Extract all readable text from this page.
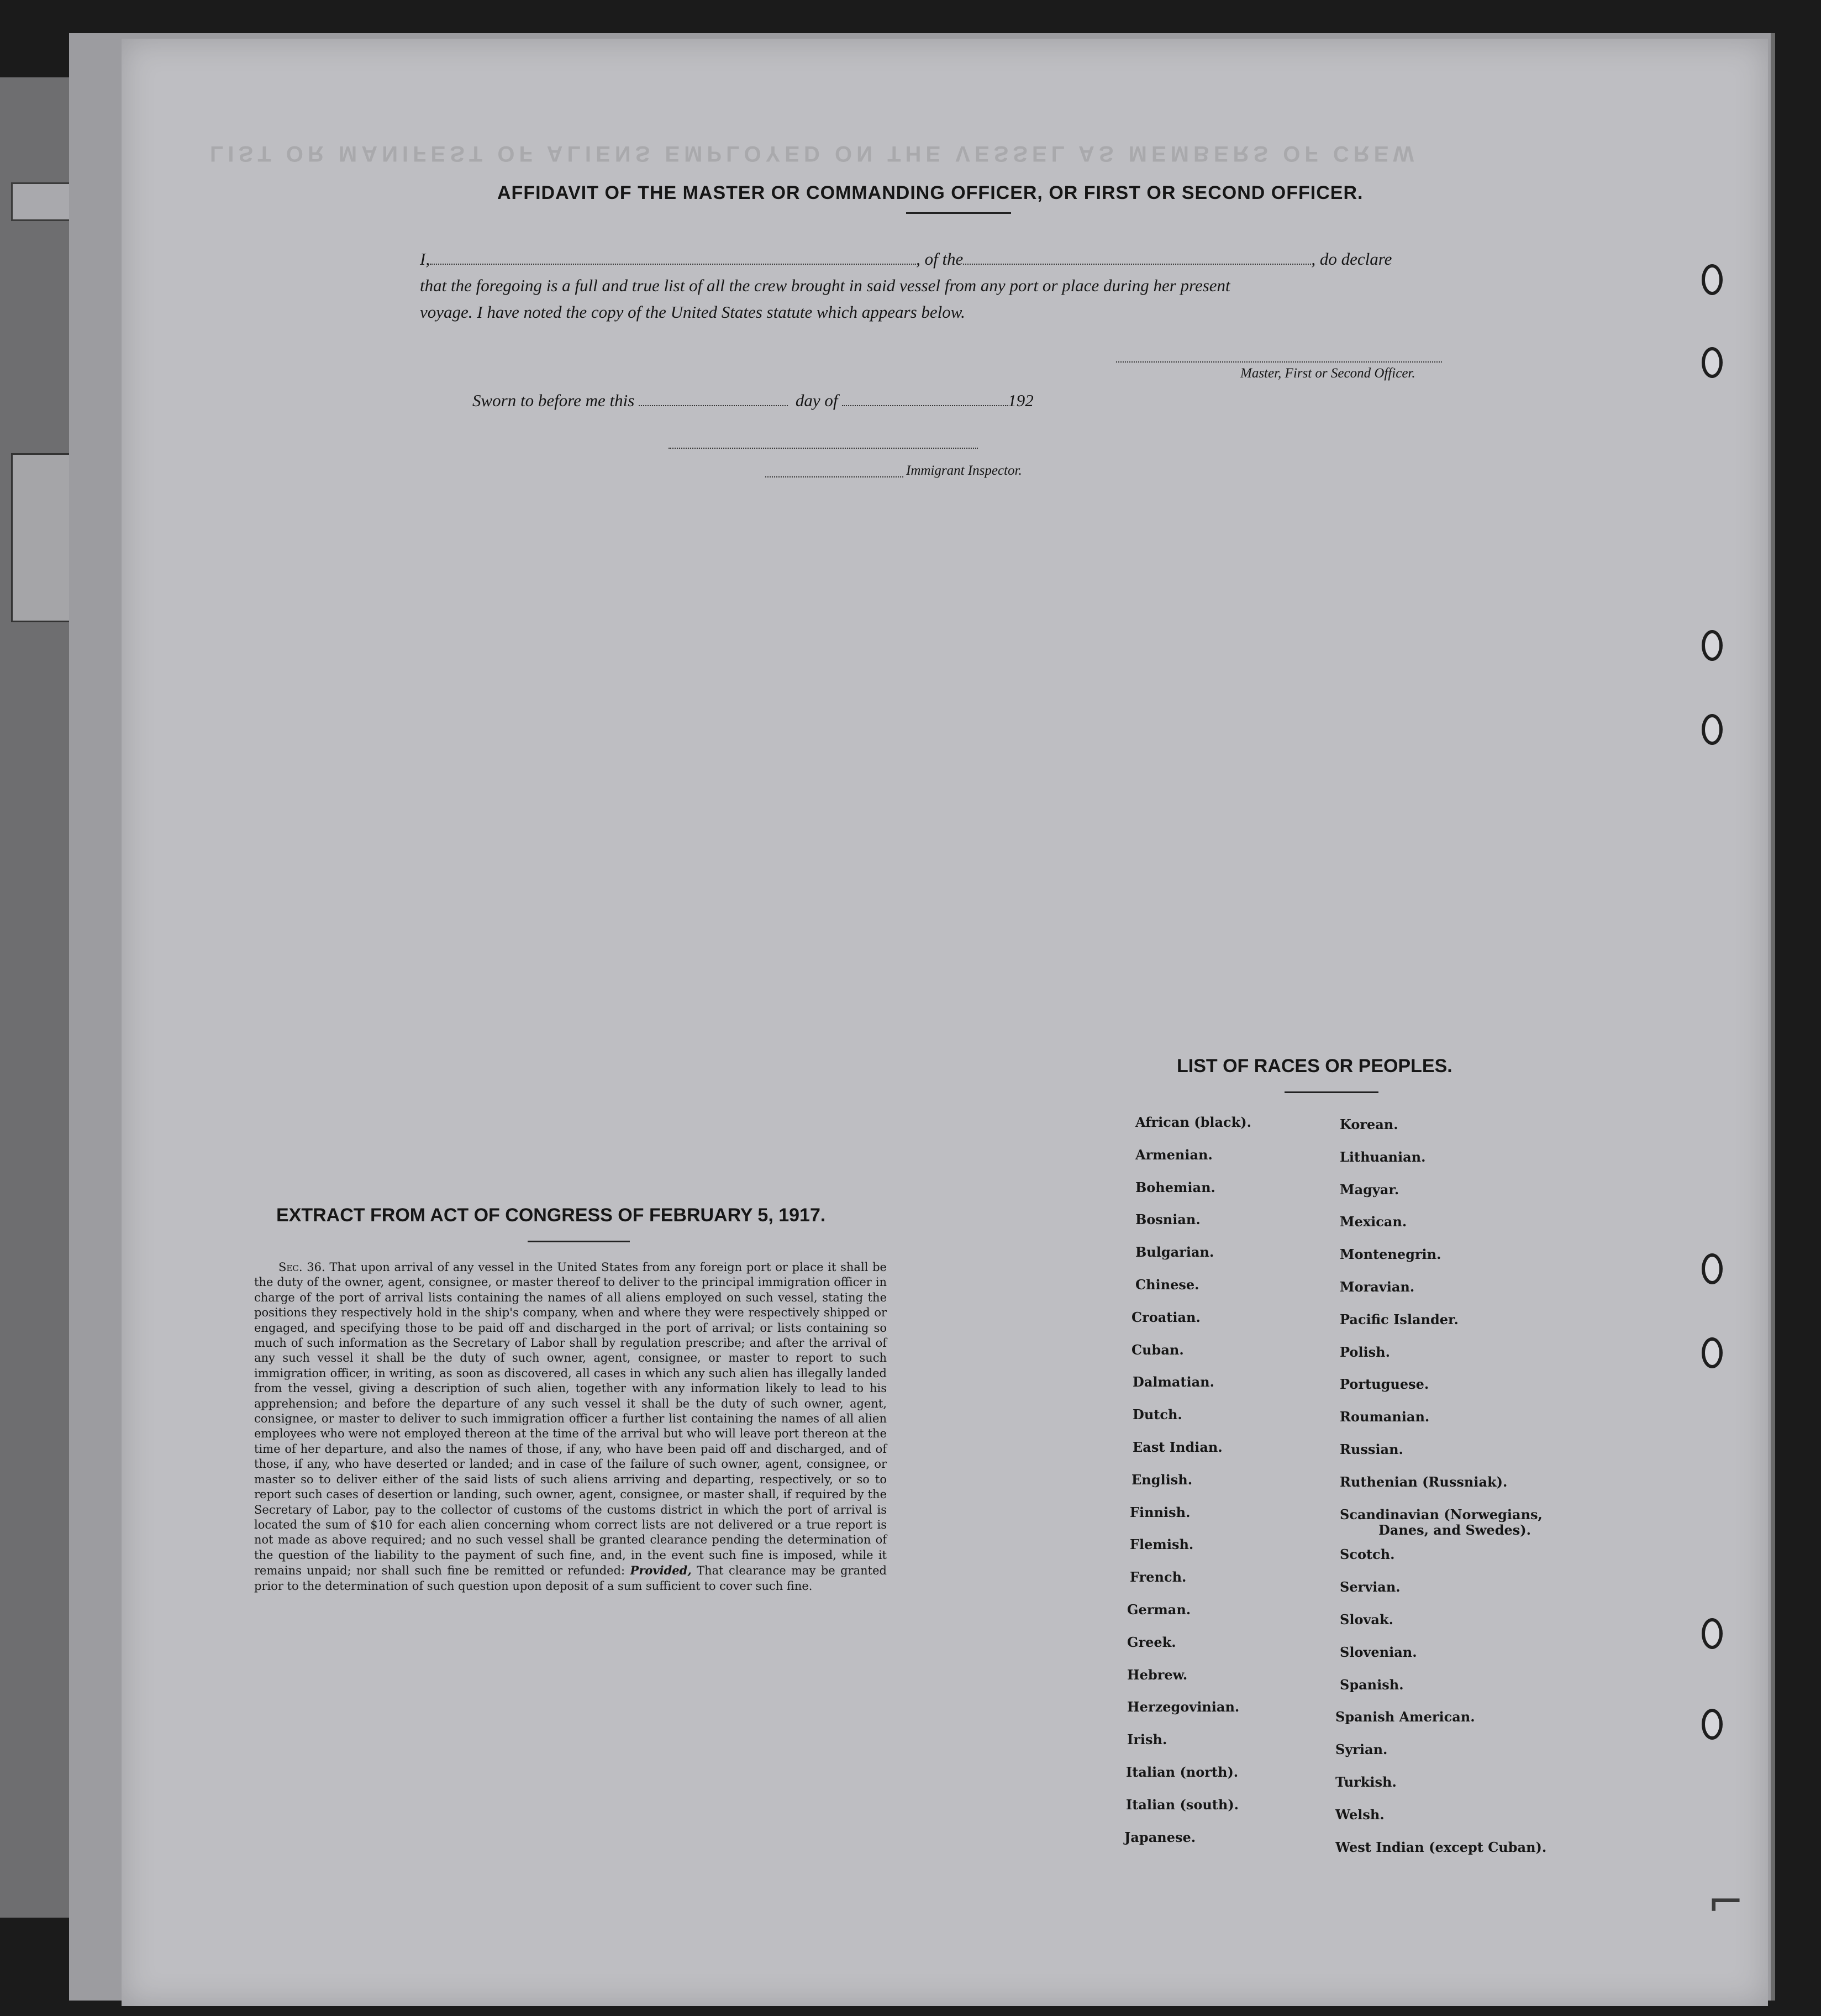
LIST OR MANIFEST OF ALIENS EMPLOYED ON THE VESSEL AS MEMBERS OF CREW
AFFIDAVIT OF THE MASTER OR COMMANDING OFFICER, OR FIRST OR SECOND OFFICER.
I,	, of the	, do declare
that the foregoing is a full and true list of all the crew brought in said vessel from any port or place during her present
voyage. I have noted the copy of the United States statute which appears below.
Master, First or Second Officer.
Sworn to before me this	day of	192
Immigrant Inspector.
EXTRACT FROM ACT OF CONGRESS OF FEBRUARY 5, 1917.
Sec. 36. That upon arrival of any vessel in the United States from any foreign port or place it shall be the duty of the owner, agent, consignee, or master thereof to deliver to the principal immigration officer in charge of the port of arrival lists containing the names of all aliens employed on such vessel, stating the positions they respectively hold in the ship's company, when and where they were respectively shipped or engaged, and specifying those to be paid off and discharged in the port of arrival; or lists containing so much of such information as the Secretary of Labor shall by regulation prescribe; and after the arrival of any such vessel it shall be the duty of such owner, agent, consignee, or master to report to such immigration officer, in writing, as soon as discovered, all cases in which any such alien has illegally landed from the vessel, giving a description of such alien, together with any information likely to lead to his apprehension; and before the departure of any such vessel it shall be the duty of such owner, agent, consignee, or master to deliver to such immigration officer a further list containing the names of all alien employees who were not employed thereon at the time of the arrival but who will leave port thereon at the time of her departure, and also the names of those, if any, who have been paid off and discharged, and of those, if any, who have deserted or landed; and in case of the failure of such owner, agent, consignee, or master so to deliver either of the said lists of such aliens arriving and departing, respectively, or so to report such cases of desertion or landing, such owner, agent, consignee, or master shall, if required by the Secretary of Labor, pay to the collector of customs of the customs district in which the port of arrival is located the sum of $10 for each alien concerning whom correct lists are not delivered or a true report is not made as above required; and no such vessel shall be granted clearance pending the determination of the question of the liability to the payment of such fine, and, in the event such fine is imposed, while it remains unpaid; nor shall such fine be remitted or refunded: Provided, That clearance may be granted prior to the determination of such question upon deposit of a sum sufficient to cover such fine.
LIST OF RACES OR PEOPLES.
African (black).
Armenian.
Bohemian.
Bosnian.
Bulgarian.
Chinese.
Croatian.
Cuban.
Dalmatian.
Dutch.
East Indian.
English.
Finnish.
Flemish.
French.
German.
Greek.
Hebrew.
Herzegovinian.
Irish.
Italian (north).
Italian (south).
Japanese.
Korean.
Lithuanian.
Magyar.
Mexican.
Montenegrin.
Moravian.
Pacific Islander.
Polish.
Portuguese.
Roumanian.
Russian.
Ruthenian (Russniak).
Scandinavian (Norwegians,
Danes, and Swedes).
Scotch.
Servian.
Slovak.
Slovenian.
Spanish.
Spanish American.
Syrian.
Turkish.
Welsh.
West Indian (except Cuban).
⌐
